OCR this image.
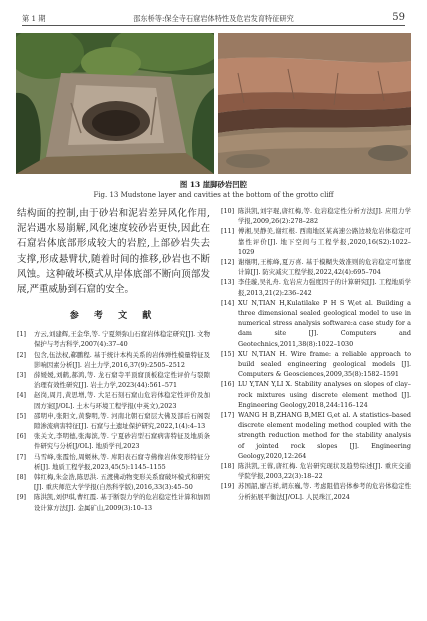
第 1 期	邵东桥等:保全寺石窟岩体特性及危岩发育特征研究	59
图 13 崖脚砂岩凹腔
Fig. 13 Mudstone layer and cavities at the bottom of the grotto cliff

结构面的控制,由于砂岩和泥岩差异风化作用,泥岩遇水易崩解,风化速度较砂岩更快,因此在石窟岩体底部形成较大的岩腔,上部砂岩失去支撑,形成悬臂状,随着时间的推移,砂岩也不断风蚀。这种破坏模式从岸体底部不断向顶部发展,严重威胁到石窟的安全。

参 考 文 献
[1] 方云,刘建辉,王金华,等. 宁夏须弥山石窟岩体稳定研究[J]. 文物保护与考古科学,2007(4):37–40
[2] 包含,伍法权,郗鹏程. 基于统计本构关系的岩体弹性模量特征及影响因素分析[J]. 岩土力学,2016,37(9):2505–2512
[3] 薛媛媛,刘鹤,郝鸿,等. 龙石窟寺平顶窟顶板稳定性评价与裂隙治理有效性研究[J]. 岩土力学,2023(44):561–571
[4] 赵岗,周月,黄思增,等. 大足石刻石窟山危岩体稳定性评价及加固方案[J/OL]. 土木与环境工程学报(中英文),2023
[5] 邵明申,张阳文,黄黎明,等. 河南北朝石窟层大佛及部后石阁裂隙渗流病害特征[J]. 石窟与土遗址保护研究,2022,1(4):4–13
[6] 张关文,李明德,张海滨,等. 宁夏砂岩型石窟病害特征及地质条件研究与分析[J/OL]. 地质学刊,2023
[7] 马雪峰,张霞怡,周姬林,等. 库阳表石窟寺佛像岩体变形特征分析[J]. 地质工程学报,2023,45(5):1145–1155
[8] 韩红梅,朱金浩,陈思洪. 五渡佛动物变形关系窟破坏模式和研究[J]. 重庆师范大学学报(自然科学版),2016,33(3):45–50
[9] 陈洪凯,刘伊琪,曹红霞. 基于断裂力学的危岩稳定性计算和加固设计算方法[J]. 金属矿山,2009(3):10–13
[10] 陈洪凯,刘宇琨,唐红梅,等. 危岩稳定性分析方法[J]. 应用力学学报,2009,26(2):278–282
[11] 傅湘,吴静美,谢红根. 西南地区某高速公路边坡危岩体稳定可靠性评价[J]. 地下空间与工程学报,2020,16(S2):1022–1029
[12] 谢继明,王栋峰,夏万喜. 基于模糊失效准则的危岩稳定可靠度计算[J]. 防灾减灾工程学报,2022,42(4):695–704
[13] 李佳璇,吴礼舟. 危岩应力强度因子的计算研究[J]. 工程地质学报,2013,21(2):236–242
[14] XU N,TIAN H,Kulatilake P H S W,et al. Building a three dimensional sealed geological model to use in numerical stress analysis software:a case study for a dam site [J]. Computers and Geotechnics,2011,38(8):1022–1030
[15] XU N,TIAN H. Wire frame: a reliable approach to build sealed engineering geological models [J]. Computers & Geosciences,2009,35(8):1582–1591
[16] LU Y,TAN Y,LI X. Stability analyses on slopes of clay–rock mixtures using discrete element method [J]. Engineering Geology,2018,244:116–124
[17] WANG H B,ZHANG B,MEI G,et al. A statistics–based discrete element modeling method coupled with the strength reduction method for the stability analysis of jointed rock slopes [J]. Engineering Geology,2020,12:264
[18] 陈洪凯,王蓉,唐红梅. 危岩研究现状及趋势综述[J]. 重庆交通学院学报,2003,22(3):18–22
[19] 苏国韶,廖吉祥,胡东巍,等. 考虑阻值岩体参考的危岩体稳定性分析拓展平衡法[J/OL]. 人民珠江,2024
